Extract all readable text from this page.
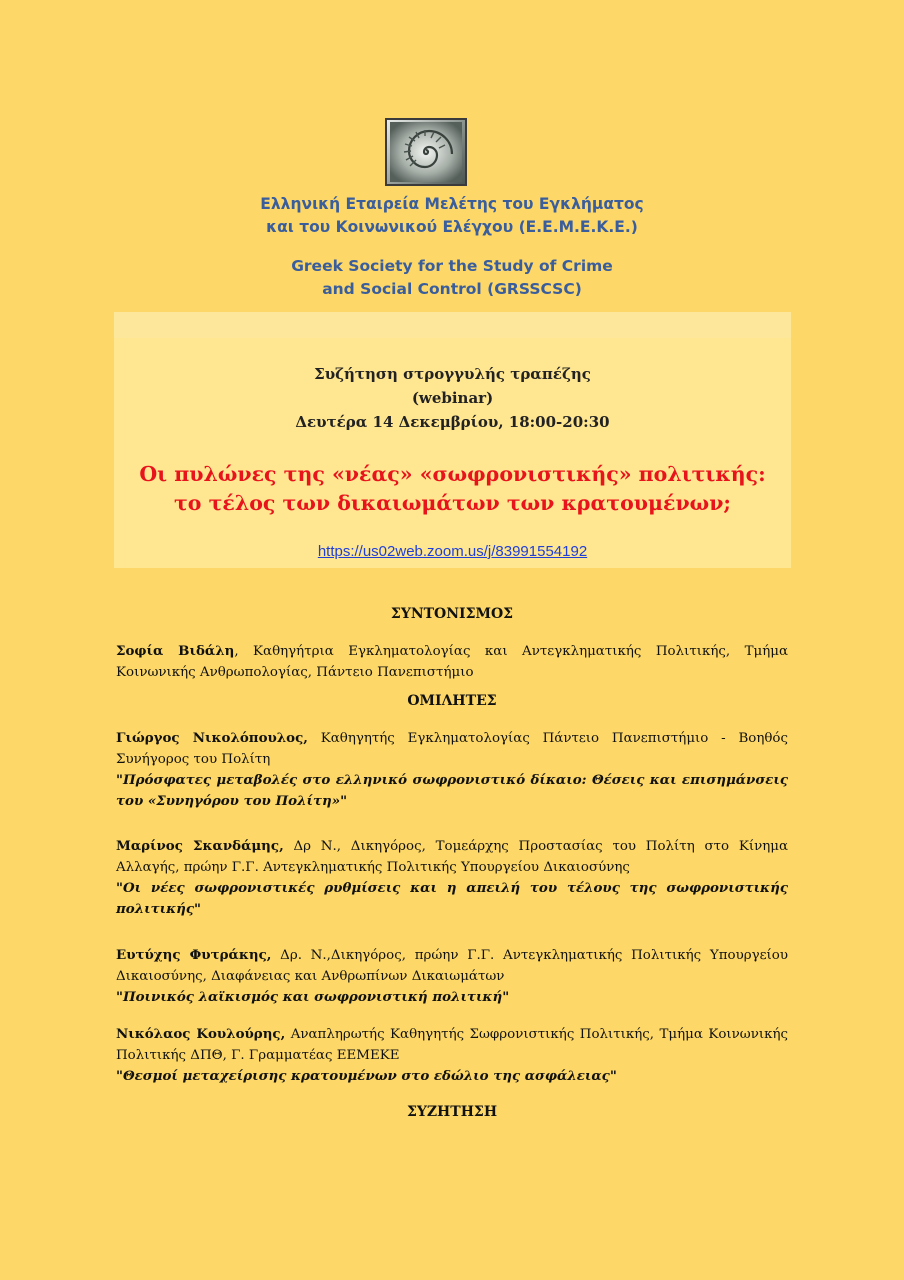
Ελληνική Εταιρεία Μελέτης του Εγκλήματος
και του Κοινωνικού Ελέγχου (Ε.Ε.Μ.Ε.Κ.Ε.)
Greek Society for the Study of Crime
and Social Control (GRSSCSC)
Συζήτηση στρογγυλής τραπέζης
(webinar)
Δευτέρα 14 Δεκεμβρίου, 18:00-20:30
Οι πυλώνες της «νέας» «σωφρονιστικής» πολιτικής:
το τέλος των δικαιωμάτων των κρατουμένων;
https://us02web.zoom.us/j/83991554192
ΣΥΝΤΟΝΙΣΜΟΣ
Σοφία Βιδάλη, Καθηγήτρια Εγκληματολογίας και Αντεγκληματικής Πολιτικής, Τμήμα Κοινωνικής Ανθρωπολογίας, Πάντειο Πανεπιστήμιο
ΟΜΙΛΗΤΕΣ
Γιώργος Νικολόπουλος, Καθηγητής Εγκληματολογίας Πάντειο Πανεπιστήμιο - Βοηθός Συνήγορος του Πολίτη
"Πρόσφατες μεταβολές στο ελληνικό σωφρονιστικό δίκαιο: Θέσεις και επισημάνσεις του «Συνηγόρου του Πολίτη»"
Μαρίνος Σκανδάμης, Δρ Ν., Δικηγόρος, Τομεάρχης Προστασίας του Πολίτη στο Κίνημα Αλλαγής, πρώην Γ.Γ. Αντεγκληματικής Πολιτικής Υπουργείου Δικαιοσύνης
"Οι νέες σωφρονιστικές ρυθμίσεις και η απειλή του τέλους της σωφρονιστικής πολιτικής"
Ευτύχης Φυτράκης, Δρ. Ν.,Δικηγόρος, πρώην Γ.Γ. Αντεγκληματικής Πολιτικής Υπουργείου Δικαιοσύνης, Διαφάνειας και Ανθρωπίνων Δικαιωμάτων
"Ποινικός λαϊκισμός και σωφρονιστική πολιτική"
Νικόλαος Κουλούρης, Αναπληρωτής Καθηγητής Σωφρονιστικής Πολιτικής, Τμήμα Κοινωνικής Πολιτικής ΔΠΘ, Γ. Γραμματέας ΕΕΜΕΚΕ
"Θεσμοί μεταχείρισης κρατουμένων στο εδώλιο της ασφάλειας"
ΣΥΖΗΤΗΣΗ
